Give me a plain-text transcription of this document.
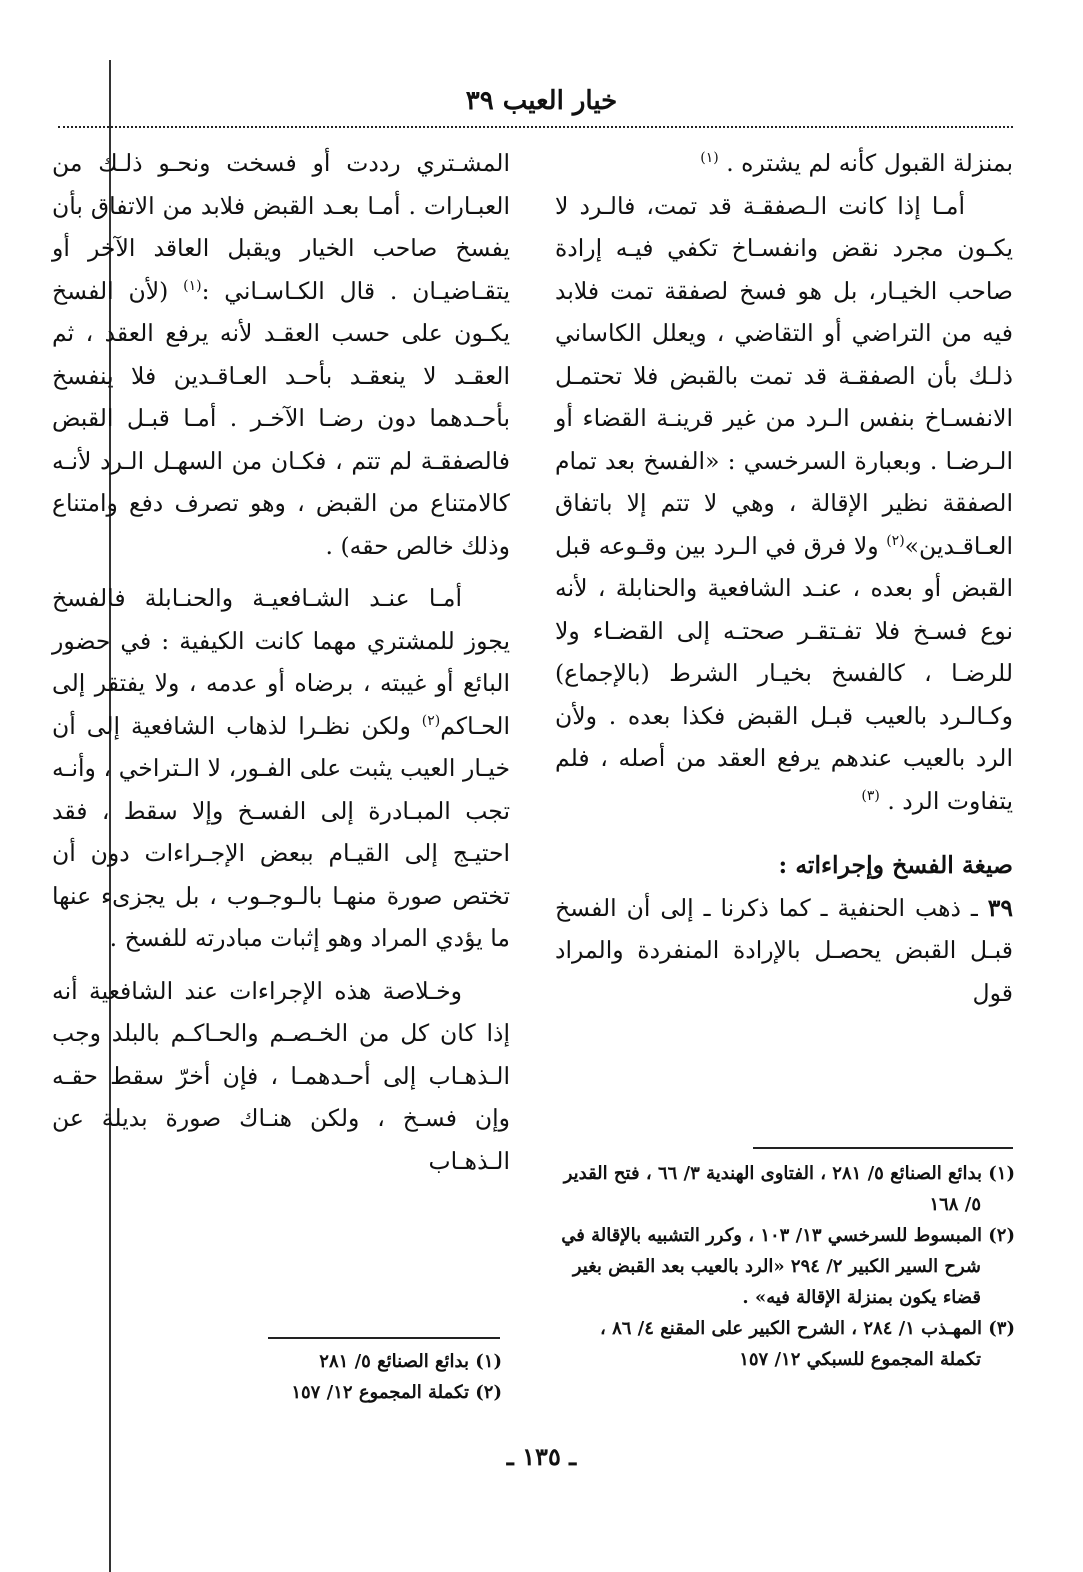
خيار العيب ٣٩

بمنزلة القبول كأنه لم يشتره . $^{(١)}$

أمـا إذا كانت الـصفقـة قد تمت، فالـرد لا يكـون مجرد نقض وانفسـاخ تكفي فيـه إرادة صاحب الخيـار، بل هو فسخ لصفقة تمت فلابد فيه من التراضي أو التقاضي ، ويعلل الكاساني ذلـك بأن الصفقـة قد تمت بالقبض فلا تحتمـل الانفسـاخ بنفس الـرد من غير قرينـة القضاء أو الـرضـا . وبعبارة السرخسي : «الفسخ بعد تمام الصفقة نظير الإقالة ، وهي لا تتم إلا باتفاق العـاقـدين»$^{(٢)}$ ولا فرق في الـرد بين وقـوعه قبل القبض أو بعده ، عنـد الشافعية والحنابلة ، لأنه نوع فسـخ فلا تفـتقـر صحتـه إلى القضـاء ولا للرضـا ، كالفسخ بخيـار الشرط (بالإجماع) وكـالـرد بالعيب قبـل القبض فكذا بعده . ولأن الرد بالعيب عندهم يرفع العقد من أصله ، فلم يتفاوت الرد . $^{(٣)}$

صيغة الفسخ وإجراءاته :

٣٩ ـ ذهب الحنفية ـ كما ذكرنا ـ إلى أن الفسخ قبـل القبض يحصـل بالإرادة المنفردة والمراد قول

(١) بدائع الصنائع ٥/ ٢٨١ ، الفتاوى الهندية ٣/ ٦٦ ، فتح القدير ٥/ ١٦٨

(٢) المبسوط للسرخسي ١٣/ ١٠٣ ، وكرر التشبيه بالإقالة في شرح السير الكبير ٢/ ٢٩٤ «الرد بالعيب بعد القبض بغير قضاء يكون بمنزلة الإقالة فيه» .

(٣) المهـذب ١/ ٢٨٤ ، الشرح الكبير على المقنع ٤/ ٨٦ ، تكملة المجموع للسبكي ١٢/ ١٥٧

المشـتري رددت أو فسخت ونحـو ذلـك من العبـارات . أمـا بعـد القبض فلابد من الاتفاق بأن يفسخ صاحب الخيار ويقبل العاقد الآخر أو يتقـاضيـان . قال الكـاسـاني :$^{(١)}$ (لأن الفسخ يكـون على حسب العقـد لأنه يرفع العقد ، ثم العقـد لا ينعقـد بأحـد العـاقـدين فلا ينفسخ بأحـدهما دون رضـا الآخـر . أمـا قبـل القبض فالصفقـة لم تتم ، فكـان من السهـل الـرد لأنـه كالامتناع من القبض ، وهو تصرف دفع وامتناع وذلك خالص حقه) .

أمـا عنـد الشـافعيـة والحنـابلة فالفسخ يجوز للمشتري مهما كانت الكيفية : في حضور البائع أو غيبته ، برضاه أو عدمه ، ولا يفتقر إلى الحـاكم$^{(٢)}$ ولكن نظـرا لذهاب الشافعية إلى أن خيـار العيب يثبت على الفـور، لا الـتراخي ، وأنـه تجب المبـادرة إلى الفسـخ وإلا سقط ، فقد احتيـج إلى القيـام ببعض الإجـراءات دون أن تختص صورة منهـا بالـوجـوب ، بل يجزىء عنها ما يؤدي المراد وهو إثبات مبادرته للفسخ .

وخـلاصة هذه الإجراءات عند الشافعية أنه إذا كان كل من الخـصـم والحـاكـم بالبلد وجب الـذهـاب إلى أحـدهمـا ، فإن أخرّ سقط حقـه وإن فسـخ ، ولكن هنـاك صورة بديلة عن الـذهـاب

(١) بدائع الصنائع ٥/ ٢٨١

(٢) تكملة المجموع ١٢/ ١٥٧

ـ ١٣٥ ـ
